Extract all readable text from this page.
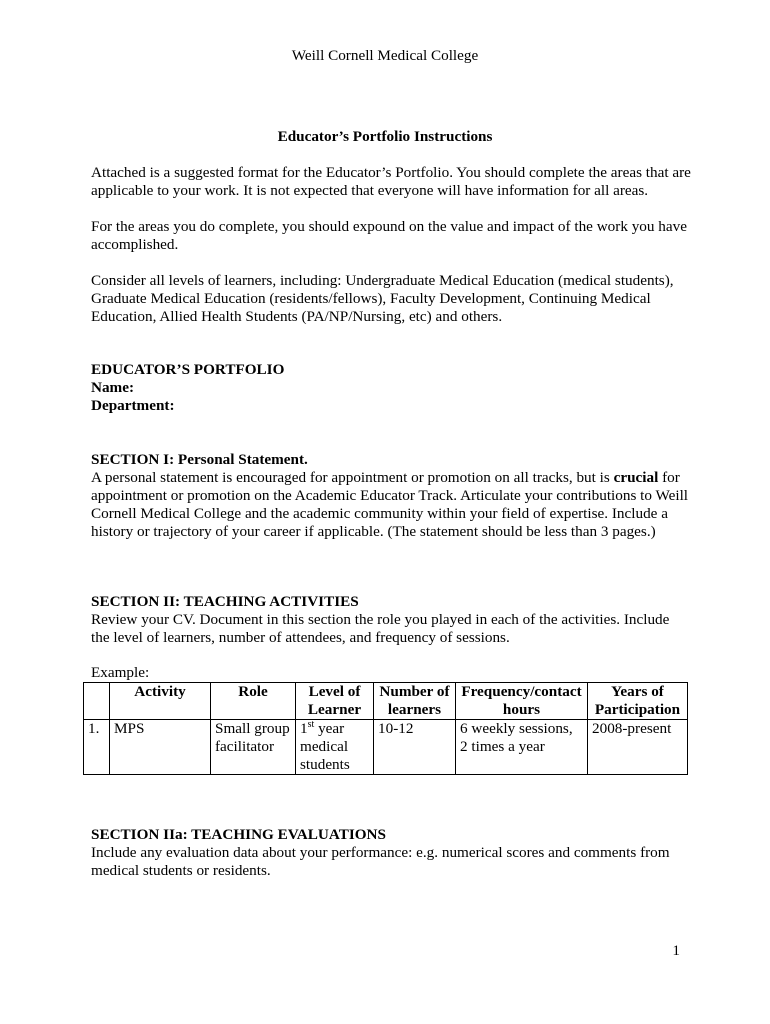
Weill Cornell Medical College
Educator’s Portfolio Instructions

Attached is a suggested format for the Educator’s Portfolio. You should complete the areas that are applicable to your work. It is not expected that everyone will have information for all areas.

For the areas you do complete, you should expound on the value and impact of the work you have accomplished.

Consider all levels of learners, including: Undergraduate Medical Education (medical students), Graduate Medical Education (residents/fellows), Faculty Development, Continuing Medical Education, Allied Health Students (PA/NP/Nursing, etc) and others.

EDUCATOR’S PORTFOLIO
Name:
Department:
SECTION I: Personal Statement.

A personal statement is encouraged for appointment or promotion on all tracks, but is crucial for appointment or promotion on the Academic Educator Track. Articulate your contributions to Weill Cornell Medical College and the academic community within your field of expertise. Include a history or trajectory of your career if applicable. (The statement should be less than 3 pages.)

SECTION II: TEACHING ACTIVITIES

Review your CV. Document in this section the role you played in each of the activities. Include the level of learners, number of attendees, and frequency of sessions.

Example:
	Activity	Role	Level of Learner	Number of learners	Frequency/contact hours	Years of Participation
1.	MPS	Small group facilitator	1st year medical students	10-12	6 weekly sessions, 2 times a year	2008-present
SECTION IIa: TEACHING EVALUATIONS

Include any evaluation data about your performance: e.g. numerical scores and comments from medical students or residents.

1
